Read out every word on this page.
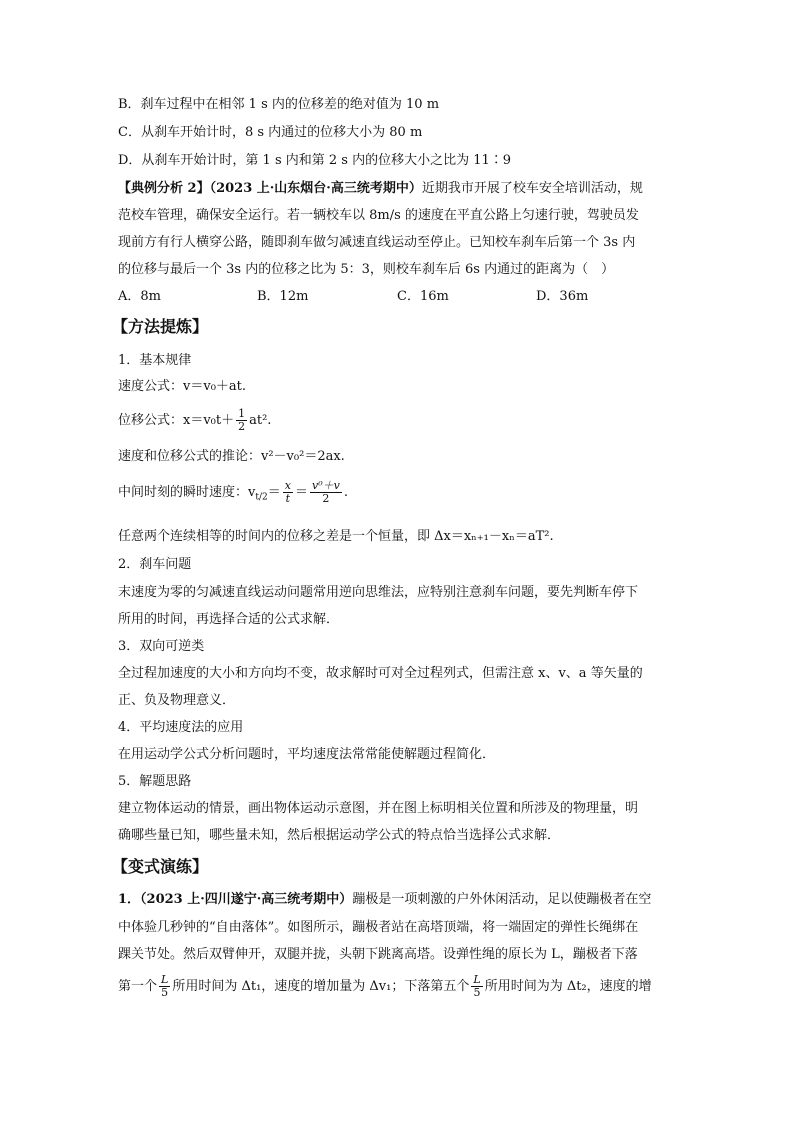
B．刹车过程中在相邻 1 s 内的位移差的绝对值为 10 m
C．从刹车开始计时，8 s 内通过的位移大小为 80 m
D．从刹车开始计时，第 1 s 内和第 2 s 内的位移大小之比为 11∶9
【典例分析 2】（2023 上·山东烟台·高三统考期中）近期我市开展了校车安全培训活动，规
范校车管理，确保安全运行。若一辆校车以 8m/s 的速度在平直公路上匀速行驶，驾驶员发
现前方有行人横穿公路，随即刹车做匀减速直线运动至停止。已知校车刹车后第一个 3s 内
的位移与最后一个 3s 内的位移之比为 5：3，则校车刹车后 6s 内通过的距离为（　）
A．8m	B．12m	C．16m	D．36m
【方法提炼】
1．基本规律
速度公式：v＝v₀＋at.
位移公式：$x=v_0t+ \frac{1}{2} at^2$.
速度和位移公式的推论：v²－v₀²＝2ax.
中间时刻的瞬时速度：$v_{t/2}= \frac{x}{t} = \frac{\text{v⁰＋v}}{2}$ .
任意两个连续相等的时间内的位移之差是一个恒量，即 Δx＝xₙ₊₁－xₙ＝aT².
2．刹车问题
末速度为零的匀减速直线运动问题常用逆向思维法，应特别注意刹车问题，要先判断车停下
所用的时间，再选择合适的公式求解．
3．双向可逆类
全过程加速度的大小和方向均不变，故求解时可对全过程列式，但需注意 x、v、a 等矢量的
正、负及物理意义．
4．平均速度法的应用
在用运动学公式分析问题时，平均速度法常常能使解题过程简化．
5．解题思路
建立物体运动的情景，画出物体运动示意图，并在图上标明相关位置和所涉及的物理量，明
确哪些量已知，哪些量未知，然后根据运动学公式的特点恰当选择公式求解．
【变式演练】
1．（2023 上·四川遂宁·高三统考期中）蹦极是一项刺激的户外休闲活动，足以使蹦极者在空
中体验几秒钟的“自由落体”。如图所示，蹦极者站在高塔顶端，将一端固定的弹性长绳绑在
踝关节处。然后双臂伸开，双腿并拢，头朝下跳离高塔。设弹性绳的原长为 L，蹦极者下落
第一个 $\frac{L}{5}$ 所用时间为 Δt₁，速度的增加量为 Δv₁；下落第五个 $\frac{L}{5}$ 所用时间为为 Δt₂，速度的增
